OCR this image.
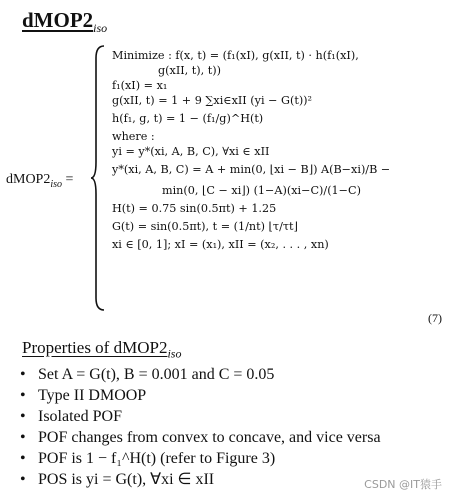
$dMOP2_{iso}$
$dMOP2_{iso}$ =
Minimize : f(x, t) = (f₁(xI), g(xII, t) · h(f₁(xI),
g(xII, t), t))
f₁(xI) = x₁
g(xII, t) = 1 + 9 ∑xi∈xII (yi − G(t))²
h(f₁, g, t) = 1 − (f₁/g)^H(t)
where :
yi = y*(xi, A, B, C), ∀xi ∈ xII
y*(xi, A, B, C) = A + min(0, ⌊xi − B⌋) A(B−xi)/B −
min(0, ⌊C − xi⌋) (1−A)(xi−C)/(1−C)
H(t) = 0.75 sin(0.5πt) + 1.25
G(t) = sin(0.5πt), t = (1/nt) ⌊τ/τt⌋
xi ∈ [0, 1]; xI = (x₁), xII = (x₂, . . . , xn)
(7)
Properties of $dMOP2_{iso}$
• Set A = G(t), B = 0.001 and C = 0.05
• Type II DMOOP
• Isolated POF
• POF changes from convex to concave, and vice versa
• POF is 1 − f₁^H(t) (refer to Figure 3)
• POS is yi = G(t), ∀xi ∈ xII	CSDN @IT猿手
